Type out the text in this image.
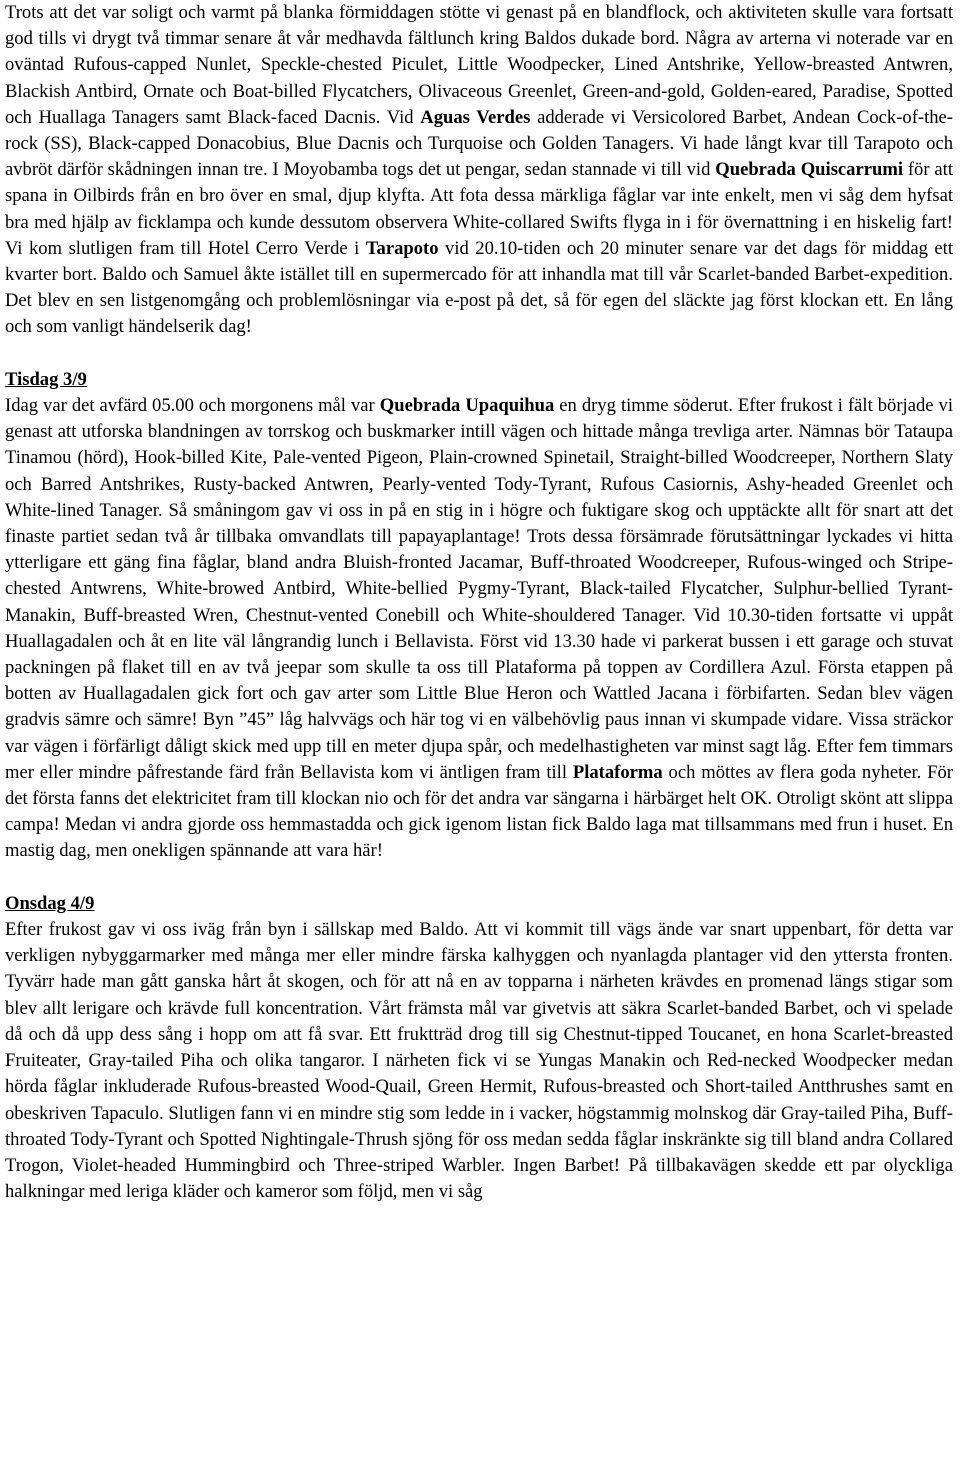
Trots att det var soligt och varmt på blanka förmiddagen stötte vi genast på en blandflock, och aktiviteten skulle vara fortsatt god tills vi drygt två timmar senare åt vår medhavda fältlunch kring Baldos dukade bord. Några av arterna vi noterade var en oväntad Rufous-capped Nunlet, Speckle-chested Piculet, Little Woodpecker, Lined Antshrike, Yellow-breasted Antwren, Blackish Antbird, Ornate och Boat-billed Flycatchers, Olivaceous Greenlet, Green-and-gold, Golden-eared, Paradise, Spotted och Huallaga Tanagers samt Black-faced Dacnis. Vid Aguas Verdes adderade vi Versicolored Barbet, Andean Cock-of-the-rock (SS), Black-capped Donacobius, Blue Dacnis och Turquoise och Golden Tanagers. Vi hade långt kvar till Tarapoto och avbröt därför skådningen innan tre. I Moyobamba togs det ut pengar, sedan stannade vi till vid Quebrada Quiscarrumi för att spana in Oilbirds från en bro över en smal, djup klyfta. Att fota dessa märkliga fåglar var inte enkelt, men vi såg dem hyfsat bra med hjälp av ficklampa och kunde dessutom observera White-collared Swifts flyga in i för övernattning i en hiskelig fart! Vi kom slutligen fram till Hotel Cerro Verde i Tarapoto vid 20.10-tiden och 20 minuter senare var det dags för middag ett kvarter bort. Baldo och Samuel åkte istället till en supermercado för att inhandla mat till vår Scarlet-banded Barbet-expedition. Det blev en sen listgenomgång och problemlösningar via e-post på det, så för egen del släckte jag först klockan ett. En lång och som vanligt händelserik dag!

Tisdag 3/9

Idag var det avfärd 05.00 och morgonens mål var Quebrada Upaquihua en dryg timme söderut. Efter frukost i fält började vi genast att utforska blandningen av torrskog och buskmarker intill vägen och hittade många trevliga arter. Nämnas bör Tataupa Tinamou (hörd), Hook-billed Kite, Pale-vented Pigeon, Plain-crowned Spinetail, Straight-billed Woodcreeper, Northern Slaty och Barred Antshrikes, Rusty-backed Antwren, Pearly-vented Tody-Tyrant, Rufous Casiornis, Ashy-headed Greenlet och White-lined Tanager. Så småningom gav vi oss in på en stig in i högre och fuktigare skog och upptäckte allt för snart att det finaste partiet sedan två år tillbaka omvandlats till papayaplantage! Trots dessa försämrade förutsättningar lyckades vi hitta ytterligare ett gäng fina fåglar, bland andra Bluish-fronted Jacamar, Buff-throated Woodcreeper, Rufous-winged och Stripe-chested Antwrens, White-browed Antbird, White-bellied Pygmy-Tyrant, Black-tailed Flycatcher, Sulphur-bellied Tyrant-Manakin, Buff-breasted Wren, Chestnut-vented Conebill och White-shouldered Tanager. Vid 10.30-tiden fortsatte vi uppåt Huallagadalen och åt en lite väl långrandig lunch i Bellavista. Först vid 13.30 hade vi parkerat bussen i ett garage och stuvat packningen på flaket till en av två jeepar som skulle ta oss till Plataforma på toppen av Cordillera Azul. Första etappen på botten av Huallagadalen gick fort och gav arter som Little Blue Heron och Wattled Jacana i förbifarten. Sedan blev vägen gradvis sämre och sämre! Byn ”45” låg halvvägs och här tog vi en välbehövlig paus innan vi skumpade vidare. Vissa sträckor var vägen i förfärligt dåligt skick med upp till en meter djupa spår, och medelhastigheten var minst sagt låg. Efter fem timmars mer eller mindre påfrestande färd från Bellavista kom vi äntligen fram till Plataforma och möttes av flera goda nyheter. För det första fanns det elektricitet fram till klockan nio och för det andra var sängarna i härbärget helt OK. Otroligt skönt att slippa campa! Medan vi andra gjorde oss hemmastadda och gick igenom listan fick Baldo laga mat tillsammans med frun i huset. En mastig dag, men onekligen spännande att vara här!

Onsdag 4/9

Efter frukost gav vi oss iväg från byn i sällskap med Baldo. Att vi kommit till vägs ände var snart uppenbart, för detta var verkligen nybyggarmarker med många mer eller mindre färska kalhyggen och nyanlagda plantager vid den yttersta fronten. Tyvärr hade man gått ganska hårt åt skogen, och för att nå en av topparna i närheten krävdes en promenad längs stigar som blev allt lerigare och krävde full koncentration. Vårt främsta mål var givetvis att säkra Scarlet-banded Barbet, och vi spelade då och då upp dess sång i hopp om att få svar. Ett fruktträd drog till sig Chestnut-tipped Toucanet, en hona Scarlet-breasted Fruiteater, Gray-tailed Piha och olika tangaror. I närheten fick vi se Yungas Manakin och Red-necked Woodpecker medan hörda fåglar inkluderade Rufous-breasted Wood-Quail, Green Hermit, Rufous-breasted och Short-tailed Antthrushes samt en obeskriven Tapaculo. Slutligen fann vi en mindre stig som ledde in i vacker, högstammig molnskog där Gray-tailed Piha, Buff-throated Tody-Tyrant och Spotted Nightingale-Thrush sjöng för oss medan sedda fåglar inskränkte sig till bland andra Collared Trogon, Violet-headed Hummingbird och Three-striped Warbler. Ingen Barbet! På tillbakavägen skedde ett par olyckliga halkningar med leriga kläder och kameror som följd, men vi såg
